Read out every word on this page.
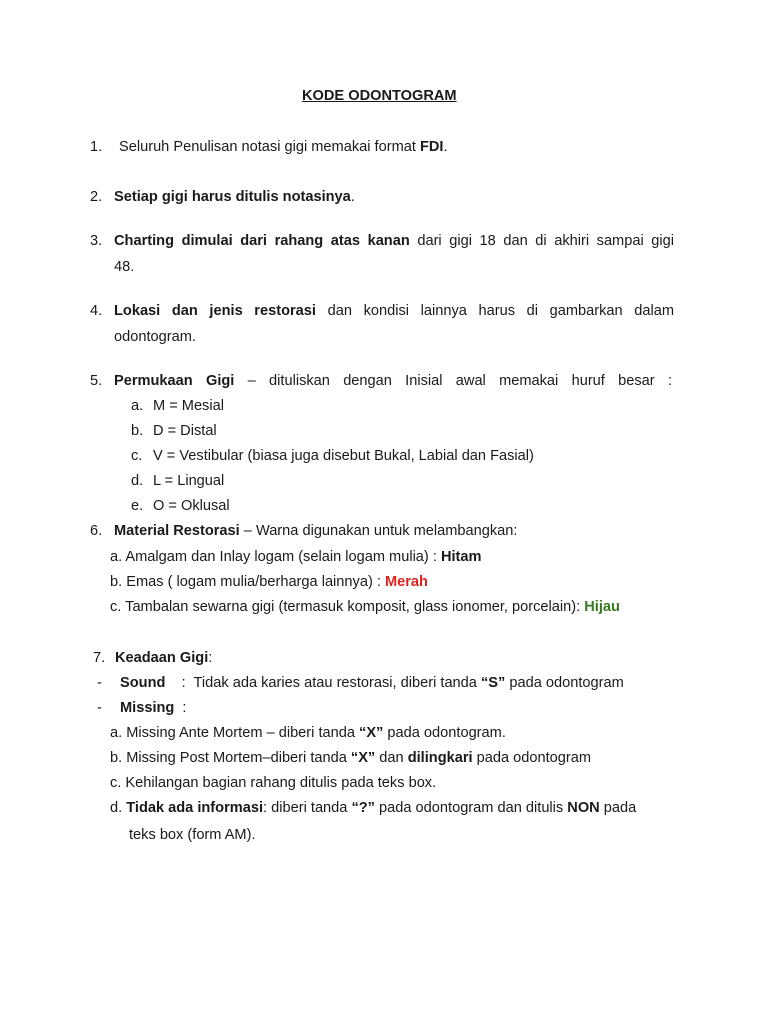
KODE ODONTOGRAM
1. Seluruh Penulisan notasi gigi memakai format FDI.
2. Setiap gigi harus ditulis notasinya.
3. Charting dimulai dari rahang atas kanan dari gigi 18 dan di akhiri sampai gigi
48.
4. Lokasi dan jenis restorasi dan kondisi lainnya harus di gambarkan dalam
odontogram.
5. Permukaan Gigi – dituliskan dengan Inisial awal memakai huruf besar :
a. M = Mesial
b. D = Distal
c. V = Vestibular (biasa juga disebut Bukal, Labial dan Fasial)
d. L = Lingual
e. O = Oklusal
6. Material Restorasi – Warna digunakan untuk melambangkan:
a. Amalgam dan Inlay logam (selain logam mulia) : Hitam
b. Emas ( logam mulia/berharga lainnya) : Merah
c. Tambalan sewarna gigi (termasuk komposit, glass ionomer, porcelain): Hijau
7. Keadaan Gigi:
- Sound    :  Tidak ada karies atau restorasi, diberi tanda “S” pada odontogram
- Missing  :
a. Missing Ante Mortem – diberi tanda “X” pada odontogram.
b. Missing Post Mortem–diberi tanda “X” dan dilingkari pada odontogram
c. Kehilangan bagian rahang ditulis pada teks box.
d. Tidak ada informasi: diberi tanda “?” pada odontogram dan ditulis NON pada
teks box (form AM).
